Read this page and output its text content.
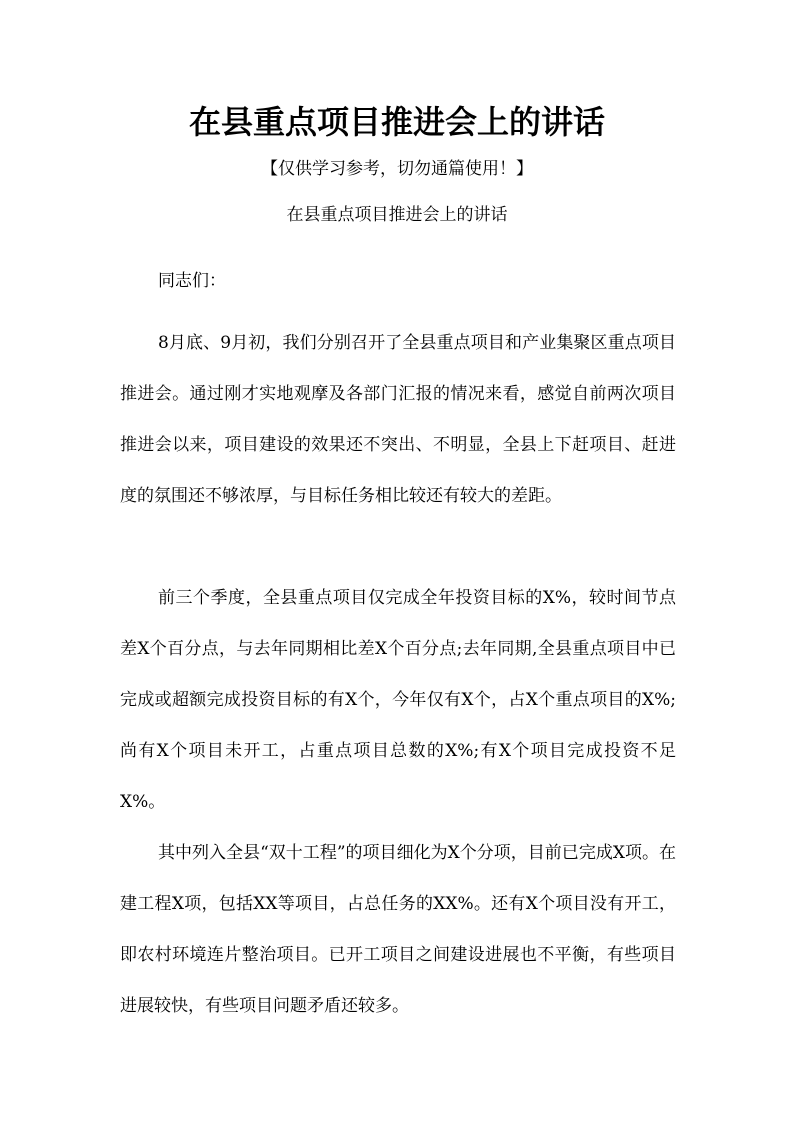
在县重点项目推进会上的讲话

【仅供学习参考，切勿通篇使用！】

在县重点项目推进会上的讲话

同志们：

8月底、9月初，我们分别召开了全县重点项目和产业集聚区重点项目推进会。通过刚才实地观摩及各部门汇报的情况来看，感觉自前两次项目推进会以来，项目建设的效果还不突出、不明显，全县上下赶项目、赶进度的氛围还不够浓厚，与目标任务相比较还有较大的差距。

前三个季度，全县重点项目仅完成全年投资目标的X%，较时间节点差X个百分点，与去年同期相比差X个百分点;去年同期,全县重点项目中已完成或超额完成投资目标的有X个，今年仅有X个，占X个重点项目的X%;尚有X个项目未开工，占重点项目总数的X%;有X个项目完成投资不足X%。

其中列入全县“双十工程”的项目细化为X个分项，目前已完成X项。在建工程X项，包括XX等项目，占总任务的XX%。还有X个项目没有开工，即农村环境连片整治项目。已开工项目之间建设进展也不平衡，有些项目进展较快，有些项目问题矛盾还较多。
